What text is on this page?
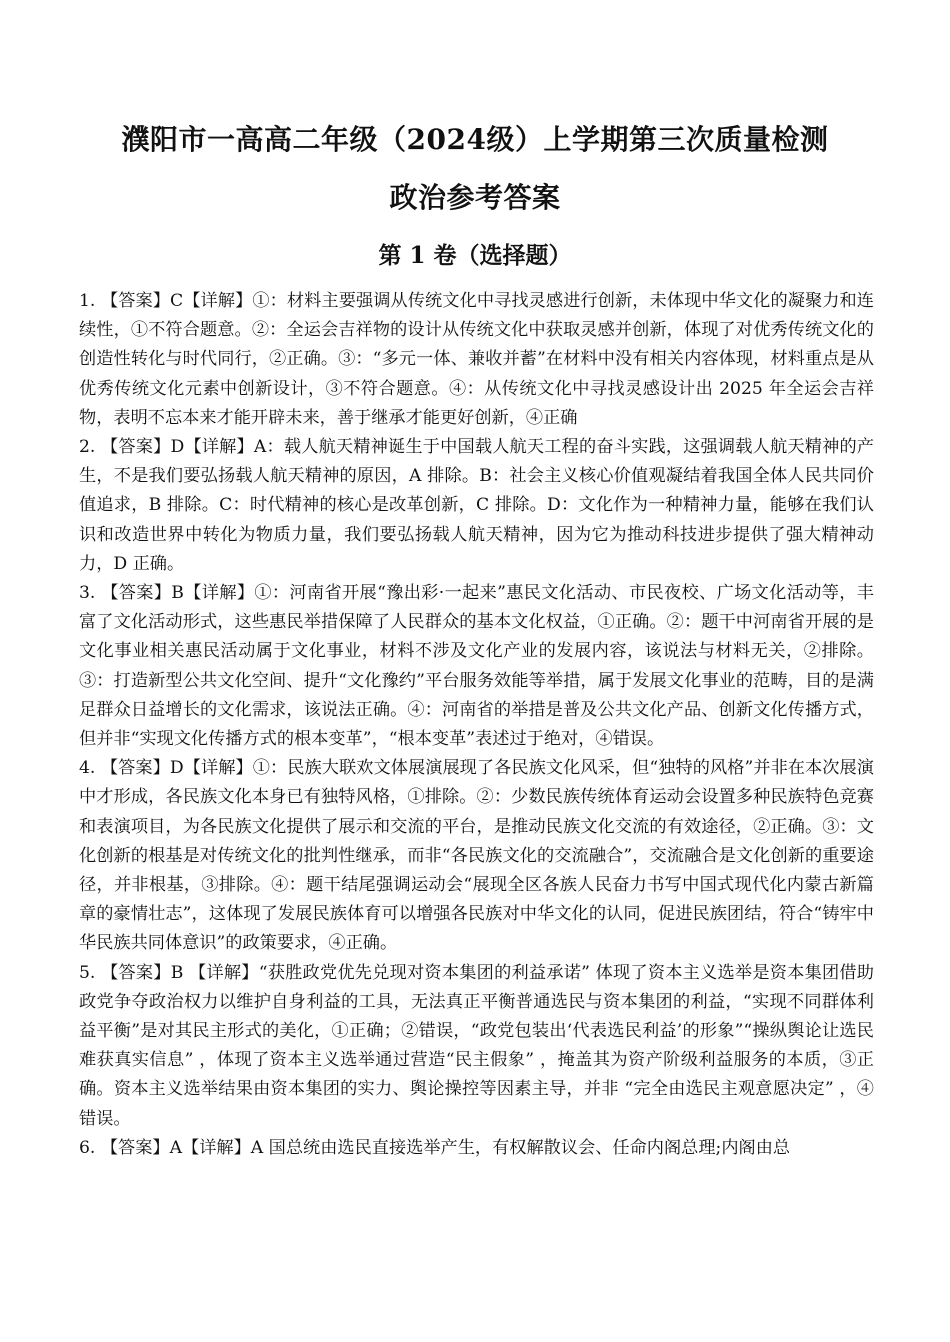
濮阳市一高高二年级（2024级）上学期第三次质量检测
政治参考答案
第 1 卷（选择题）

1. 【答案】C【详解】①：材料主要强调从传统文化中寻找灵感进行创新，未体现中华文化的凝聚力和连续性，①不符合题意。②：全运会吉祥物的设计从传统文化中获取灵感并创新，体现了对优秀传统文化的创造性转化与时代同行，②正确。③：“多元一体、兼收并蓄”在材料中没有相关内容体现，材料重点是从优秀传统文化元素中创新设计，③不符合题意。④：从传统文化中寻找灵感设计出 2025 年全运会吉祥物，表明不忘本来才能开辟未来，善于继承才能更好创新，④正确

2. 【答案】D【详解】A：载人航天精神诞生于中国载人航天工程的奋斗实践，这强调载人航天精神的产生，不是我们要弘扬载人航天精神的原因，A 排除。B：社会主义核心价值观凝结着我国全体人民共同价值追求，B 排除。C：时代精神的核心是改革创新，C 排除。D：文化作为一种精神力量，能够在我们认识和改造世界中转化为物质力量，我们要弘扬载人航天精神，因为它为推动科技进步提供了强大精神动力，D 正确。

3. 【答案】B【详解】①：河南省开展“豫出彩·一起来”惠民文化活动、市民夜校、广场文化活动等，丰富了文化活动形式，这些惠民举措保障了人民群众的基本文化权益，①正确。②：题干中河南省开展的是文化事业相关惠民活动属于文化事业，材料不涉及文化产业的发展内容，该说法与材料无关，②排除。③：打造新型公共文化空间、提升“文化豫约”平台服务效能等举措，属于发展文化事业的范畴，目的是满足群众日益增长的文化需求，该说法正确。④：河南省的举措是普及公共文化产品、创新文化传播方式，但并非“实现文化传播方式的根本变革”，“根本变革”表述过于绝对，④错误。

4. 【答案】D【详解】①：民族大联欢文体展演展现了各民族文化风采，但“独特的风格”并非在本次展演中才形成，各民族文化本身已有独特风格，①排除。②：少数民族传统体育运动会设置多种民族特色竞赛和表演项目，为各民族文化提供了展示和交流的平台，是推动民族文化交流的有效途径，②正确。③：文化创新的根基是对传统文化的批判性继承，而非“各民族文化的交流融合”，交流融合是文化创新的重要途径，并非根基，③排除。④：题干结尾强调运动会“展现全区各族人民奋力书写中国式现代化内蒙古新篇章的豪情壮志”，这体现了发展民族体育可以增强各民族对中华文化的认同，促进民族团结，符合“铸牢中华民族共同体意识”的政策要求，④正确。

5. 【答案】B 【详解】“获胜政党优先兑现对资本集团的利益承诺” 体现了资本主义选举是资本集团借助政党争夺政治权力以维护自身利益的工具，无法真正平衡普通选民与资本集团的利益，“实现不同群体利益平衡”是对其民主形式的美化，①正确；②错误，“政党包装出‘代表选民利益’的形象”“操纵舆论让选民难获真实信息” ，体现了资本主义选举通过营造“民主假象” ，掩盖其为资产阶级利益服务的本质，③正确。资本主义选举结果由资本集团的实力、舆论操控等因素主导，并非 “完全由选民主观意愿决定” ，④错误。

6. 【答案】A【详解】A 国总统由选民直接选举产生，有权解散议会、任命内阁总理;内阁由总
